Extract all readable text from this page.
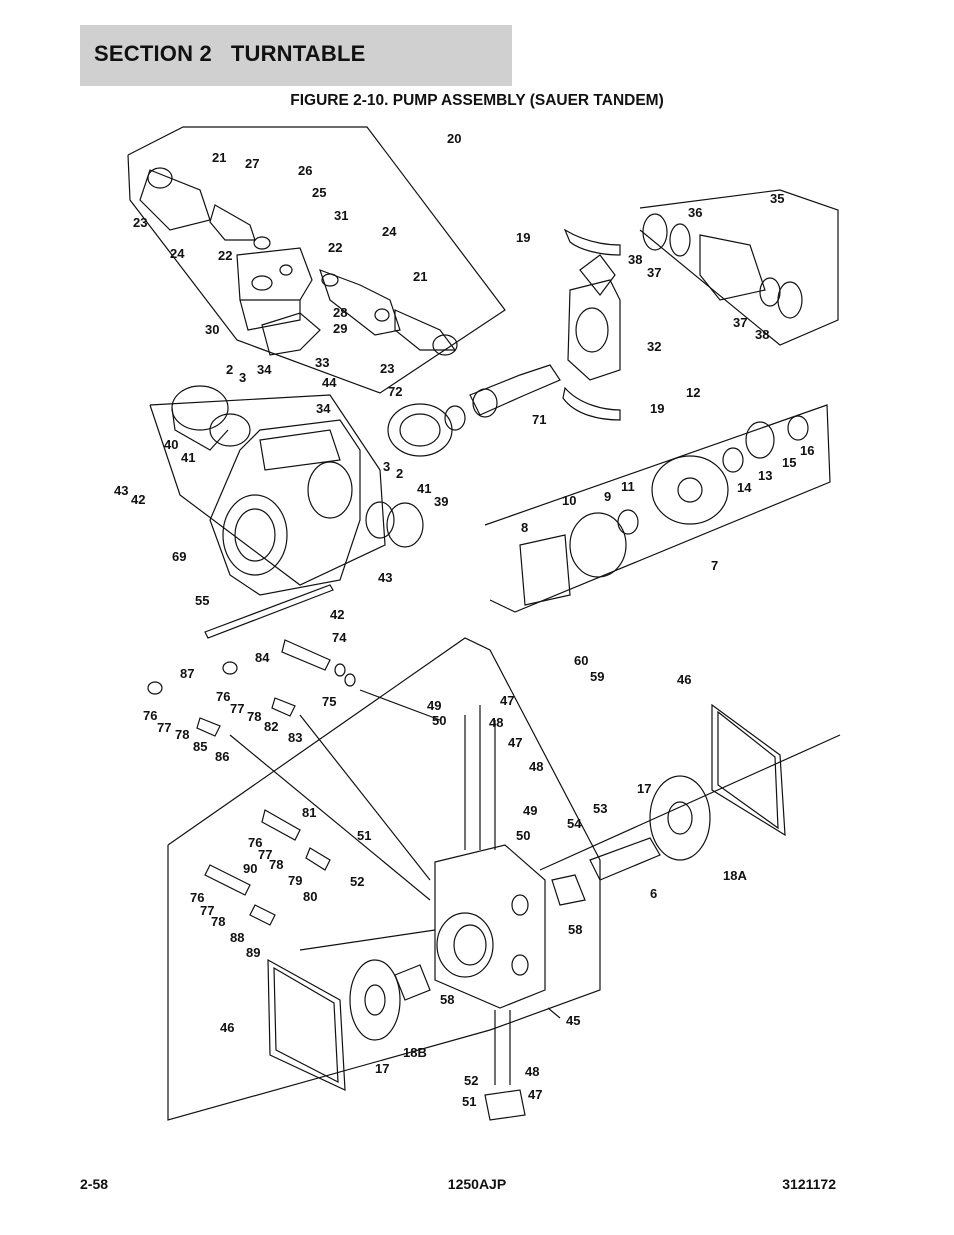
SECTION 2   TURNTABLE
FIGURE 2-10. PUMP ASSEMBLY (SAUER TANDEM)
20
21 27	26
25
31
23
24	22
22
24
21
28
29
30
23
33
34
2
3	44
34
72
71
19
19
38
36
35
37
37
38
32
12
40
41
43
42
3 2
41
39	10 9
11	14
13
15
16
8
7
69
55
43
42
74
75
84
87
76
77
78
82
83
76
77 78
85
86
60
59
49	47
50	48
47
48
46
17
49
50
53
54
18A
6
81
76
77
78
79
80
51
52
90
76
77
78
88
89
58
58
45
46
18B
17
52
48
51	47
2-58	1250AJP	3121172
